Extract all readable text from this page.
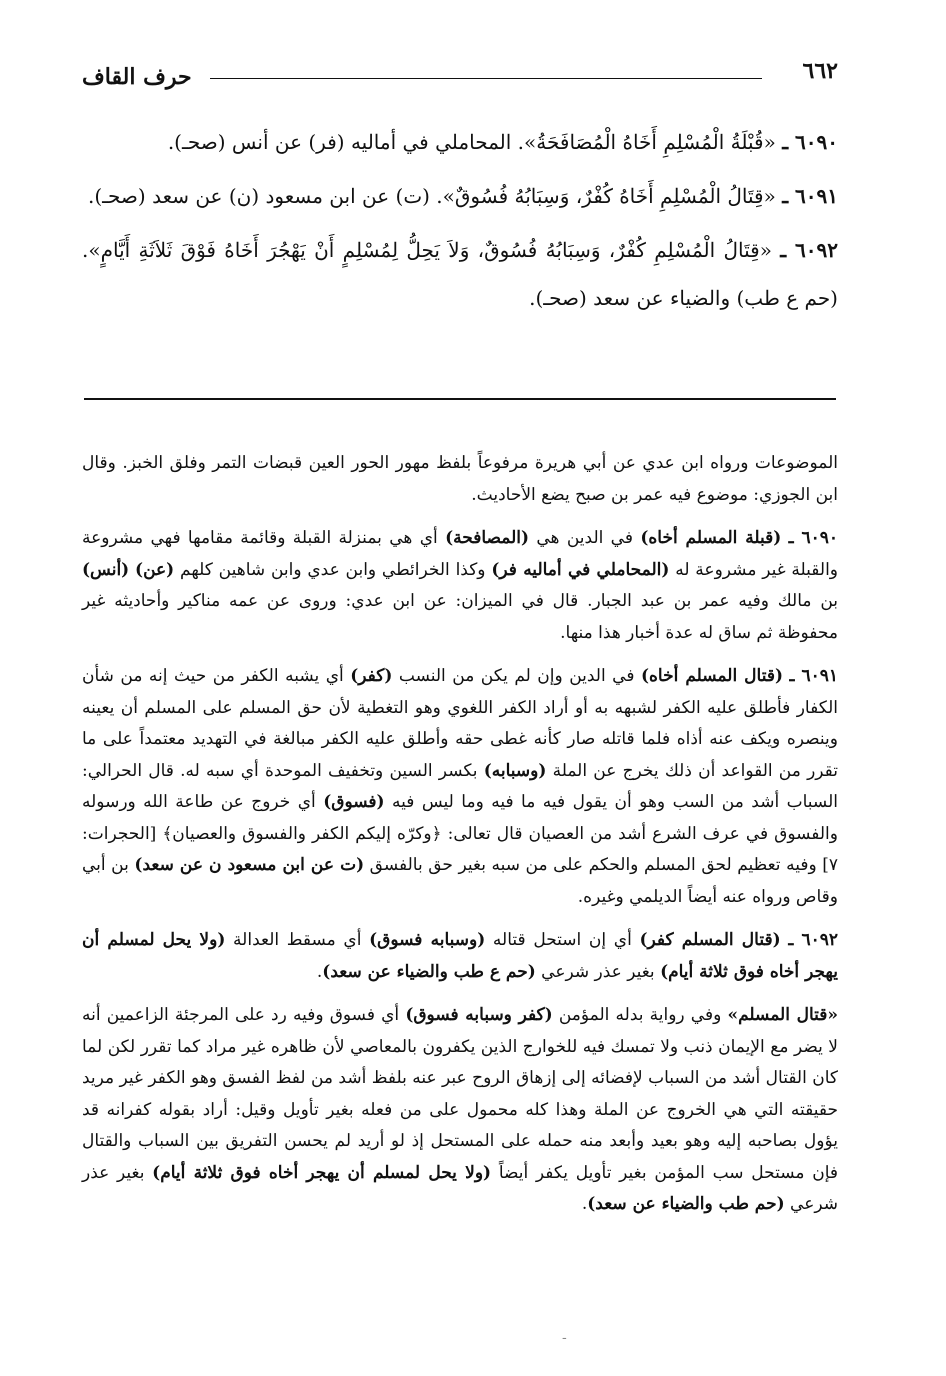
٦٦٢
حرف القاف

٦٠٩٠ ـ «قُبْلَةُ الْمُسْلِمِ أَخَاهُ الْمُصَافَحَةُ». المحاملي في أماليه (فر) عن أنس (صحـ).

٦٠٩١ ـ «قِتَالُ الْمُسْلِمِ أَخَاهُ كُفْرٌ، وَسِبَابُهُ فُسُوقٌ». (ت) عن ابن مسعود (ن) عن سعد (صحـ).

٦٠٩٢ ـ «قِتَالُ الْمُسْلِمِ كُفْرٌ، وَسِبَابُهُ فُسُوقٌ، وَلاَ يَحِلُّ لِمُسْلِمٍ أَنْ يَهْجُرَ أَخَاهُ فَوْقَ ثَلاَثَةِ أَيَّامٍ». (حم ع طب) والضياء عن سعد (صحـ).

الموضوعات ورواه ابن عدي عن أبي هريرة مرفوعاً بلفظ مهور الحور العين قبضات التمر وفلق الخبز. وقال ابن الجوزي: موضوع فيه عمر بن صبح يضع الأحاديث.

٦٠٩٠ ـ (قبلة المسلم أخاه) في الدين هي (المصافحة) أي هي بمنزلة القبلة وقائمة مقامها فهي مشروعة والقبلة غير مشروعة له (المحاملي في أماليه فر) وكذا الخرائطي وابن عدي وابن شاهين كلهم (عن) (أنس) بن مالك وفيه عمر بن عبد الجبار. قال في الميزان: عن ابن عدي: وروى عن عمه مناكير وأحاديثه غير محفوظة ثم ساق له عدة أخبار هذا منها.

٦٠٩١ ـ (قتال المسلم أخاه) في الدين وإن لم يكن من النسب (كفر) أي يشبه الكفر من حيث إنه من شأن الكفار فأطلق عليه الكفر لشبهه به أو أراد الكفر اللغوي وهو التغطية لأن حق المسلم على المسلم أن يعينه وينصره ويكف عنه أذاه فلما قاتله صار كأنه غطى حقه وأطلق عليه الكفر مبالغة في التهديد معتمداً على ما تقرر من القواعد أن ذلك يخرج عن الملة (وسبابه) بكسر السين وتخفيف الموحدة أي سبه له. قال الحرالي: السباب أشد من السب وهو أن يقول فيه ما فيه وما ليس فيه (فسوق) أي خروج عن طاعة الله ورسوله والفسوق في عرف الشرع أشد من العصيان قال تعالى: ﴿وكرّه إليكم الكفر والفسوق والعصيان﴾ [الحجرات: ٧] وفيه تعظيم لحق المسلم والحكم على من سبه بغير حق بالفسق (ت عن ابن مسعود ن عن سعد) بن أبي وقاص ورواه عنه أيضاً الديلمي وغيره.

٦٠٩٢ ـ (قتال المسلم كفر) أي إن استحل قتاله (وسبابه فسوق) أي مسقط العدالة (ولا يحل لمسلم أن يهجر أخاه فوق ثلاثة أيام) بغير عذر شرعي (حم ع طب والضياء عن سعد).

«قتال المسلم» وفي رواية بدله المؤمن (كفر وسبابه فسوق) أي فسوق وفيه رد على المرجئة الزاعمين أنه لا يضر مع الإيمان ذنب ولا تمسك فيه للخوارج الذين يكفرون بالمعاصي لأن ظاهره غير مراد كما تقرر لكن لما كان القتال أشد من السباب لإفضائه إلى إزهاق الروح عبر عنه بلفظ أشد من لفظ الفسق وهو الكفر غير مريد حقيقته التي هي الخروج عن الملة وهذا كله محمول على من فعله بغير تأويل وقيل: أراد بقوله كفرانه قد يؤول بصاحبه إليه وهو بعيد وأبعد منه حمله على المستحل إذ لو أريد لم يحسن التفريق بين السباب والقتال فإن مستحل سب المؤمن بغير تأويل يكفر أيضاً (ولا يحل لمسلم أن يهجر أخاه فوق ثلاثة أيام) بغير عذر شرعي (حم طب والضياء عن سعد).

-
